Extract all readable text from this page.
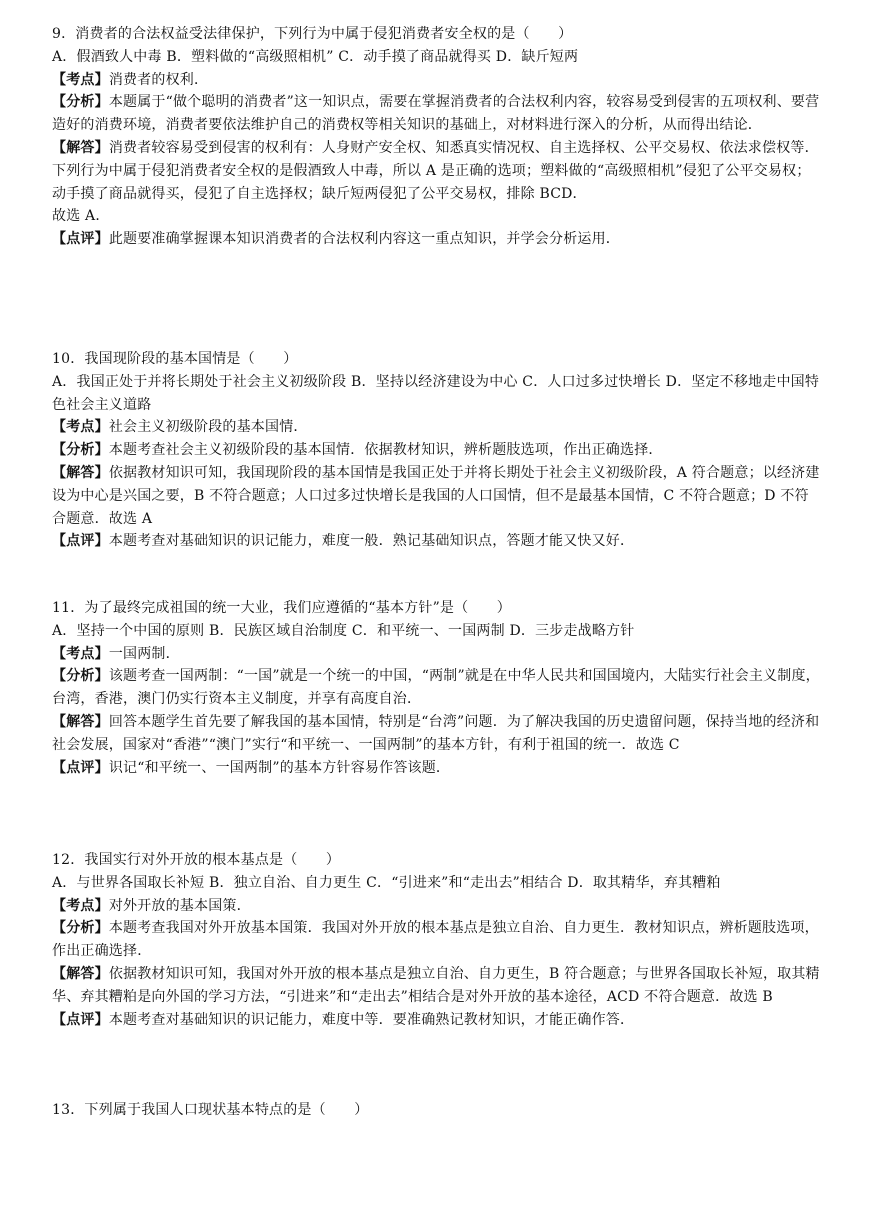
9．消费者的合法权益受法律保护，下列行为中属于侵犯消费者安全权的是（　　）
A．假酒致人中毒 B．塑料做的“高级照相机” C．动手摸了商品就得买 D．缺斤短两
【考点】消费者的权利．
【分析】本题属于“做个聪明的消费者”这一知识点，需要在掌握消费者的合法权利内容，较容易受到侵害的五项权利、要营造好的消费环境，消费者要依法维护自己的消费权等相关知识的基础上，对材料进行深入的分析，从而得出结论．
【解答】消费者较容易受到侵害的权利有：人身财产安全权、知悉真实情况权、自主选择权、公平交易权、依法求偿权等．下列行为中属于侵犯消费者安全权的是假酒致人中毒，所以 A 是正确的选项；塑料做的“高级照相机”侵犯了公平交易权；动手摸了商品就得买，侵犯了自主选择权；缺斤短两侵犯了公平交易权，排除 BCD．
故选 A．
【点评】此题要准确掌握课本知识消费者的合法权利内容这一重点知识，并学会分析运用．
10．我国现阶段的基本国情是（　　）
A．我国正处于并将长期处于社会主义初级阶段 B．坚持以经济建设为中心 C．人口过多过快增长 D．坚定不移地走中国特色社会主义道路
【考点】社会主义初级阶段的基本国情．
【分析】本题考查社会主义初级阶段的基本国情．依据教材知识，辨析题肢选项，作出正确选择．
【解答】依据教材知识可知，我国现阶段的基本国情是我国正处于并将长期处于社会主义初级阶段，A 符合题意；以经济建设为中心是兴国之要，B 不符合题意；人口过多过快增长是我国的人口国情，但不是最基本国情，C 不符合题意；D 不符合题意．故选 A
【点评】本题考查对基础知识的识记能力，难度一般．熟记基础知识点，答题才能又快又好．
11．为了最终完成祖国的统一大业，我们应遵循的“基本方针”是（　　）
A．坚持一个中国的原则 B．民族区域自治制度 C．和平统一、一国两制 D．三步走战略方针
【考点】一国两制．
【分析】该题考查一国两制：“一国”就是一个统一的中国，“两制”就是在中华人民共和国国境内，大陆实行社会主义制度，台湾，香港，澳门仍实行资本主义制度，并享有高度自治．
【解答】回答本题学生首先要了解我国的基本国情，特别是“台湾”问题．为了解决我国的历史遗留问题，保持当地的经济和社会发展，国家对“香港”“澳门”实行“和平统一、一国两制”的基本方针，有利于祖国的统一．故选 C
【点评】识记“和平统一、一国两制”的基本方针容易作答该题．
12．我国实行对外开放的根本基点是（　　）
A．与世界各国取长补短 B．独立自治、自力更生 C．“引进来”和“走出去”相结合 D．取其精华，弃其糟粕
【考点】对外开放的基本国策．
【分析】本题考查我国对外开放基本国策．我国对外开放的根本基点是独立自治、自力更生．教材知识点，辨析题肢选项，作出正确选择．
【解答】依据教材知识可知，我国对外开放的根本基点是独立自治、自力更生，B 符合题意；与世界各国取长补短，取其精华、弃其糟粕是向外国的学习方法，“引进来”和“走出去”相结合是对外开放的基本途径，ACD 不符合题意．故选 B
【点评】本题考查对基础知识的识记能力，难度中等．要准确熟记教材知识，才能正确作答．
13．下列属于我国人口现状基本特点的是（　　）
